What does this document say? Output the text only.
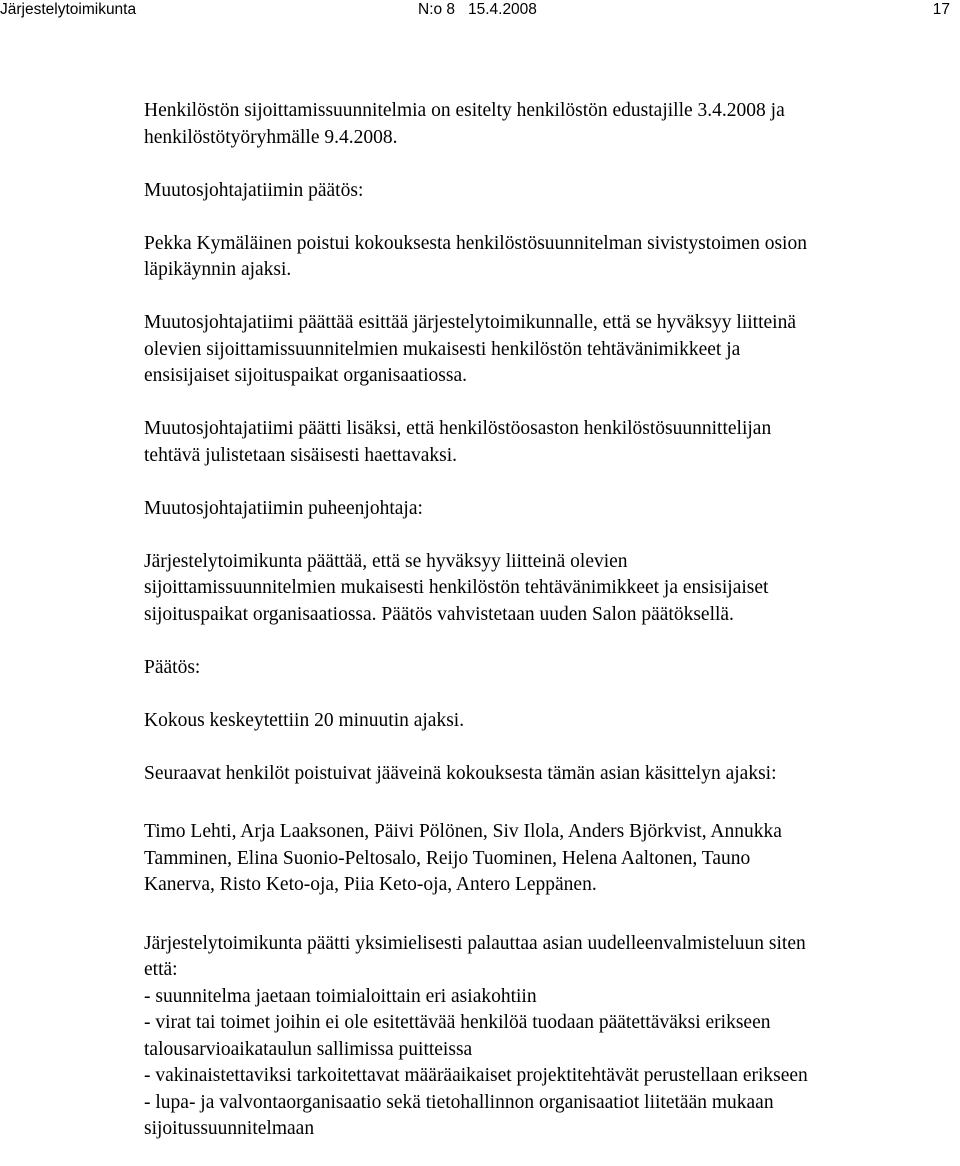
Järjestelytoimikunta	N:o 8   15.4.2008	17

Henkilöstön sijoittamissuunnitelmia on esitelty henkilöstön edustajille 3.4.2008 ja
henkilöstötyöryhmälle 9.4.2008.

Muutosjohtajatiimin päätös:

Pekka Kymäläinen poistui kokouksesta henkilöstösuunnitelman sivistystoimen osion
läpikäynnin ajaksi.

Muutosjohtajatiimi päättää esittää järjestelytoimikunnalle, että se hyväksyy liitteinä
olevien sijoittamissuunnitelmien mukaisesti henkilöstön tehtävänimikkeet ja
ensisijaiset sijoituspaikat organisaatiossa.

Muutosjohtajatiimi päätti lisäksi, että henkilöstöosaston henkilöstösuunnittelijan
tehtävä julistetaan sisäisesti haettavaksi.

Muutosjohtajatiimin puheenjohtaja:

Järjestelytoimikunta päättää, että se hyväksyy liitteinä olevien
sijoittamissuunnitelmien mukaisesti henkilöstön tehtävänimikkeet ja ensisijaiset
sijoituspaikat organisaatiossa. Päätös vahvistetaan uuden Salon päätöksellä.

Päätös:

Kokous keskeytettiin 20 minuutin ajaksi.

Seuraavat henkilöt poistuivat jääveinä kokouksesta tämän asian käsittelyn ajaksi:

Timo Lehti, Arja Laaksonen, Päivi Pölönen, Siv Ilola, Anders Björkvist, Annukka
Tamminen, Elina Suonio-Peltosalo, Reijo Tuominen, Helena Aaltonen, Tauno
Kanerva, Risto Keto-oja, Piia Keto-oja, Antero Leppänen.

Järjestelytoimikunta päätti yksimielisesti palauttaa asian uudelleenvalmisteluun siten
että:
- suunnitelma jaetaan toimialoittain eri asiakohtiin
- virat tai toimet joihin ei ole esitettävää henkilöä tuodaan päätettäväksi erikseen
talousarvioaikataulun sallimissa puitteissa
- vakinaistettaviksi tarkoitettavat määräaikaiset projektitehtävät perustellaan erikseen
- lupa- ja valvontaorganisaatio sekä tietohallinnon organisaatiot liitetään mukaan
sijoitussuunnitelmaan
